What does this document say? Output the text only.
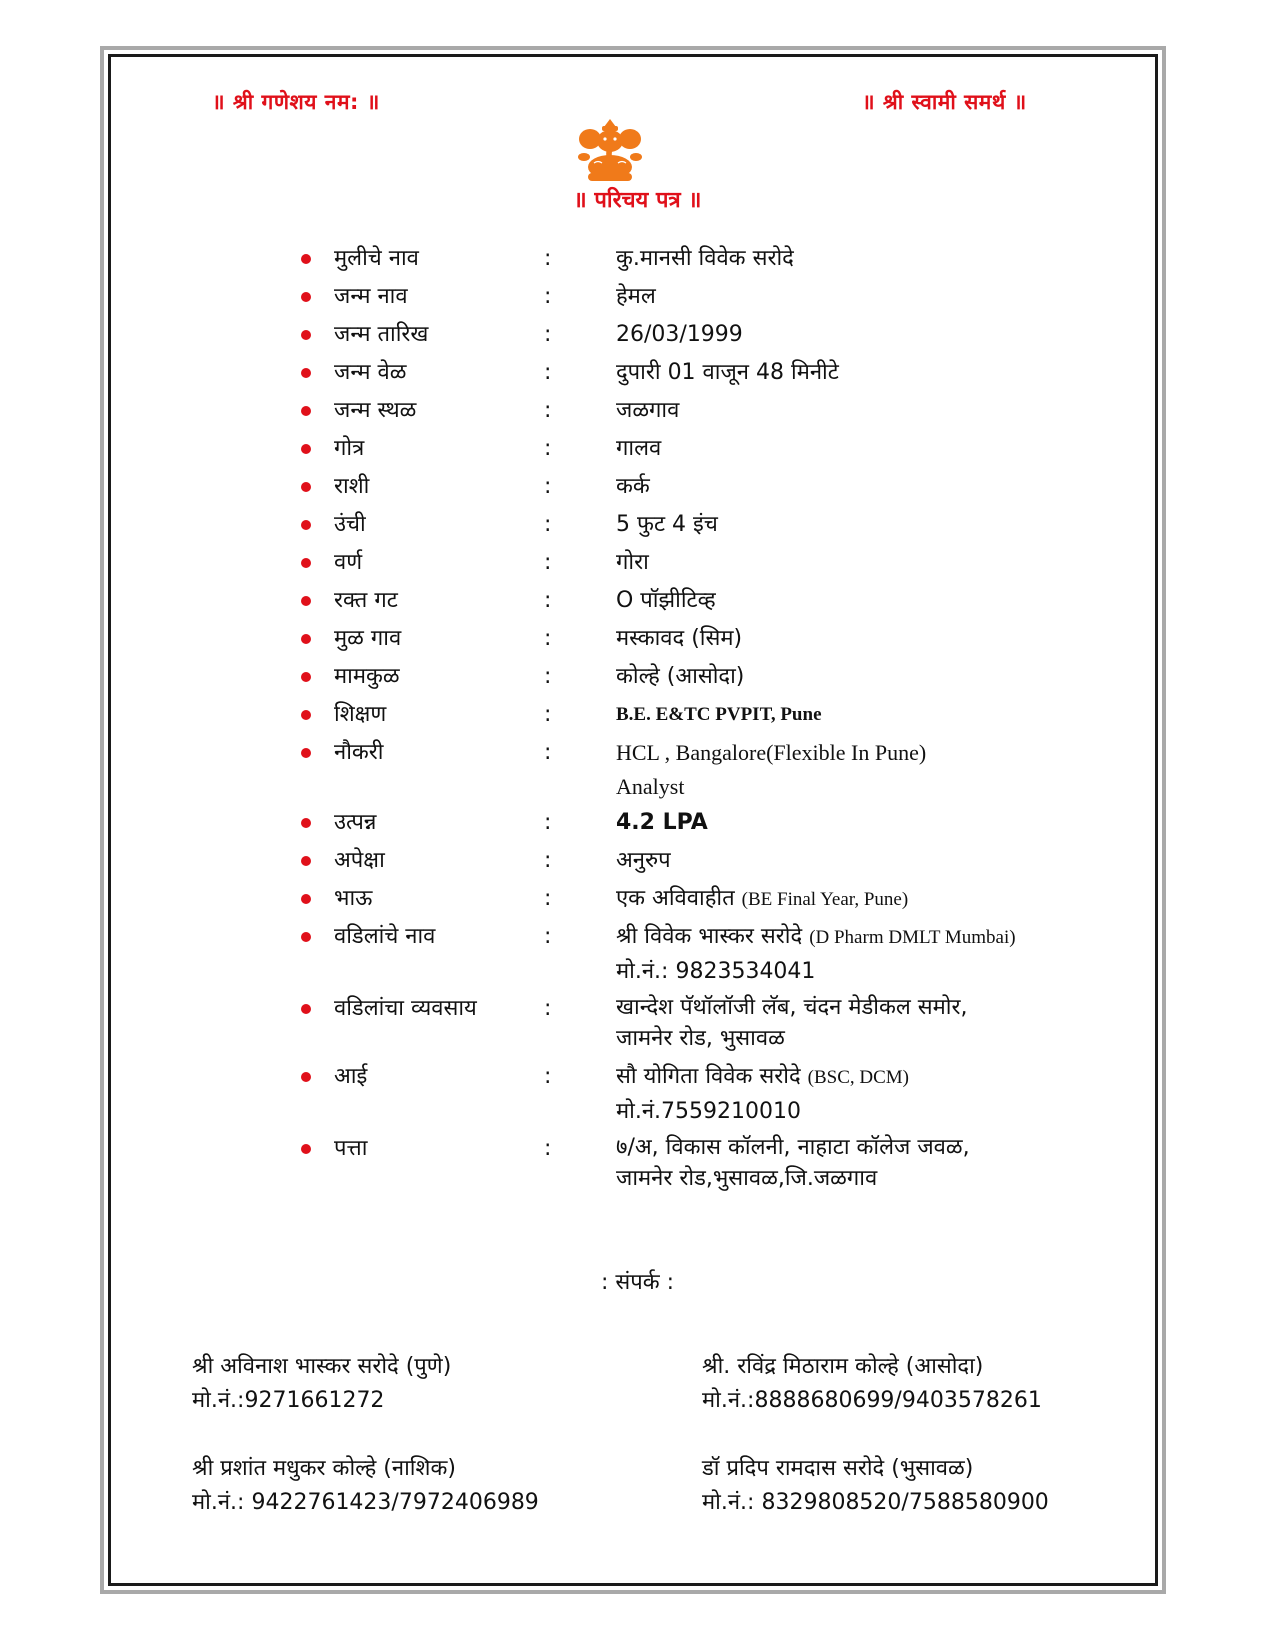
॥ श्री गणेशय नम: ॥	॥ श्री स्वामी समर्थ ॥
॥ परिचय पत्र ॥
मुलीचे नाव	:	कु.मानसी विवेक सरोदे
जन्म नाव	:	हेमल
जन्म तारिख	:	26/03/1999
जन्म वेळ	:	दुपारी 01 वाजून 48 मिनीटे
जन्म स्थळ	:	जळगाव
गोत्र	:	गालव
राशी	:	कर्क
उंची	:	5 फुट 4 इंच
वर्ण	:	गोरा
रक्त गट	:	O पॉझीटिव्ह
मुळ गाव	:	मस्कावद (सिम)
मामकुळ	:	कोल्हे (आसोदा)
शिक्षण	:	B.E. E&TC PVPIT, Pune
नौकरी	:	HCL , Bangalore(Flexible In Pune)
Analyst
उत्पन्न	:	4.2 LPA
अपेक्षा	:	अनुरुप
भाऊ	:	एक अविवाहीत (BE Final Year, Pune)
वडिलांचे नाव	:	श्री विवेक भास्कर सरोदे (D Pharm DMLT Mumbai)
मो.नं.: 9823534041
वडिलांचा व्यवसाय	:	खान्देश पॅथॉलॉजी लॅब, चंदन मेडीकल समोर,
जामनेर रोड, भुसावळ
आई	:	सौ योगिता विवेक सरोदे (BSC, DCM)
मो.नं.7559210010
पत्ता	:	७/अ, विकास कॉलनी, नाहाटा कॉलेज जवळ,
जामनेर रोड,भुसावळ,जि.जळगाव
: संपर्क :
श्री अविनाश भास्कर सरोदे (पुणे)
मो.नं.:9271661272
श्री. रविंद्र मिठाराम कोल्हे (आसोदा)
मो.नं.:8888680699/9403578261
श्री प्रशांत मधुकर कोल्हे (नाशिक)
मो.नं.: 9422761423/7972406989
डॉ प्रदिप रामदास सरोदे (भुसावळ)
मो.नं.: 8329808520/7588580900
